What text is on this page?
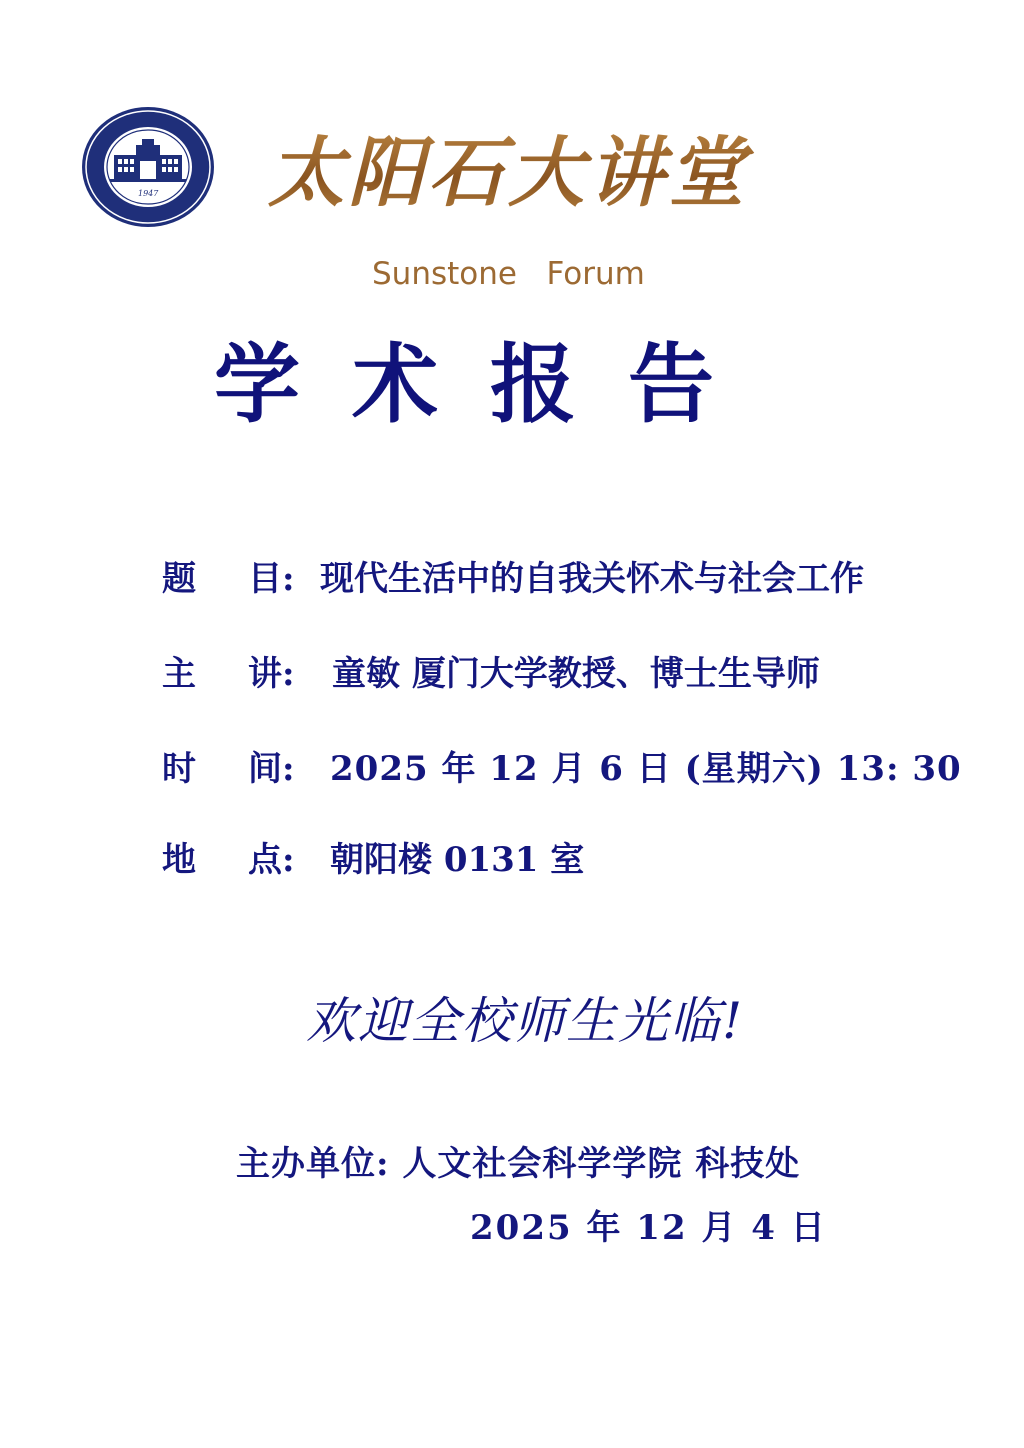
1947 太阳石大讲堂
Sunstone   Forum
学术报告
题 目: 现代生活中的自我关怀术与社会工作
主 讲: 童敏 厦门大学教授、博士生导师
时 间: 2025 年 12 月 6 日 (星期六) 13: 30
地 点: 朝阳楼 0131 室
欢迎全校师生光临!
主办单位: 人文社会科学学院 科技处
2025 年 12 月 4 日
